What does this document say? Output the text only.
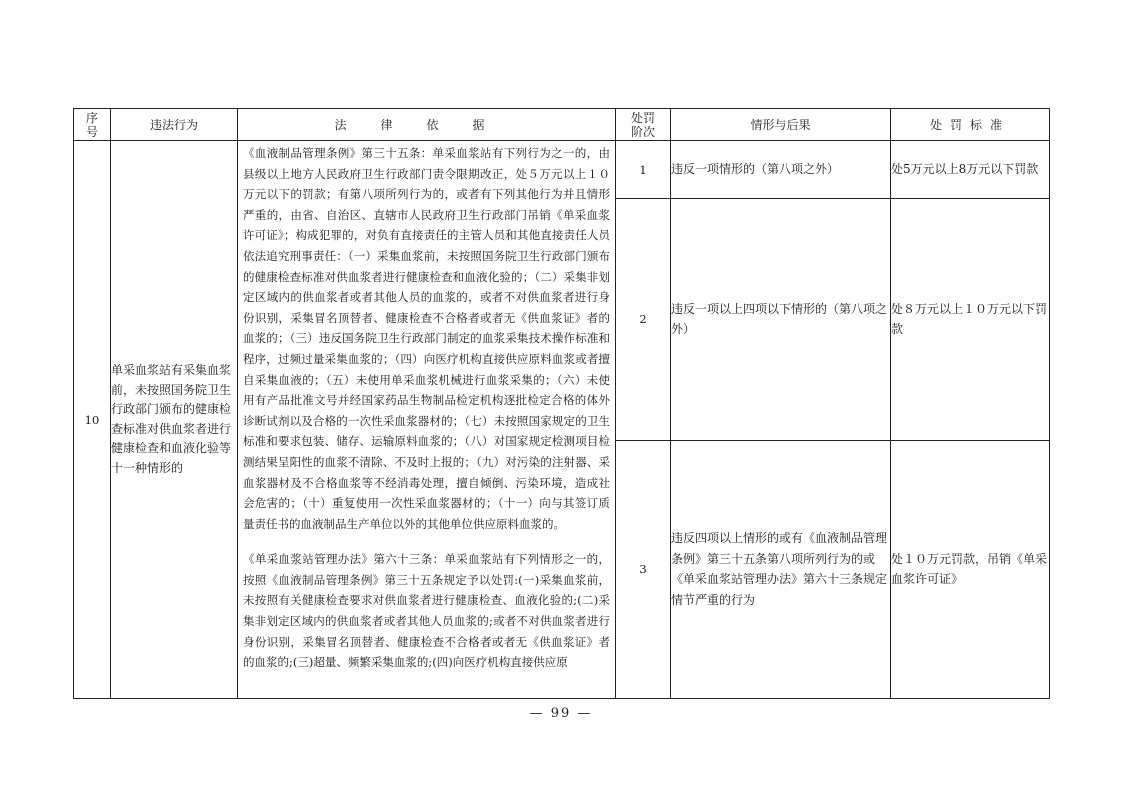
序号	违法行为	法律依据	处罚阶次	情形与后果	处罚标准
10	单采血浆站有采集血浆前，未按照国务院卫生行政部门颁布的健康检查标准对供血浆者进行健康检查和血液化验等十一种情形的	《血液制品管理条例》第三十五条：单采血浆站有下列行为之一的，由县级以上地方人民政府卫生行政部门责令限期改正，处５万元以上１０万元以下的罚款；有第八项所列行为的，或者有下列其他行为并且情形严重的，由省、自治区、直辖市人民政府卫生行政部门吊销《单采血浆许可证》；构成犯罪的，对负有直接责任的主管人员和其他直接责任人员依法追究刑事责任：（一）采集血浆前，未按照国务院卫生行政部门颁布的健康检查标准对供血浆者进行健康检查和血液化验的；（二）采集非划定区域内的供血浆者或者其他人员的血浆的，或者不对供血浆者进行身份识别，采集冒名顶替者、健康检查不合格者或者无《供血浆证》者的血浆的；（三）违反国务院卫生行政部门制定的血浆采集技术操作标准和程序，过频过量采集血浆的；（四）向医疗机构直接供应原料血浆或者擅自采集血液的；（五）未使用单采血浆机械进行血浆采集的；（六）未使用有产品批准文号并经国家药品生物制品检定机构逐批检定合格的体外诊断试剂以及合格的一次性采血浆器材的；（七）未按照国家规定的卫生标准和要求包装、储存、运输原料血浆的；（八）对国家规定检测项目检测结果呈阳性的血浆不清除、不及时上报的；（九）对污染的注射器、采血浆器材及不合格血浆等不经消毒处理，擅自倾倒、污染环境，造成社会危害的；（十）重复使用一次性采血浆器材的；（十一）向与其签订质量责任书的血液制品生产单位以外的其他单位供应原料血浆的。

《单采血浆站管理办法》第六十三条：单采血浆站有下列情形之一的，按照《血液制品管理条例》第三十五条规定予以处罚:(一)采集血浆前，未按照有关健康检查要求对供血浆者进行健康检查、血液化验的;(二)采集非划定区域内的供血浆者或者其他人员血浆的;或者不对供血浆者进行身份识别，采集冒名顶替者、健康检查不合格者或者无《供血浆证》者的血浆的;(三)超量、频繁采集血浆的;(四)向医疗机构直接供应原	1	违反一项情形的（第八项之外）	处5万元以上8万元以下罚款
			2	违反一项以上四项以下情形的（第八项之外）	处８万元以上１０万元以下罚款
			3	违反四项以上情形的或有《血液制品管理条例》第三十五条第八项所列行为的或《单采血浆站管理办法》第六十三条规定情节严重的行为	处１０万元罚款，吊销《单采血浆许可证》
— 99 —
